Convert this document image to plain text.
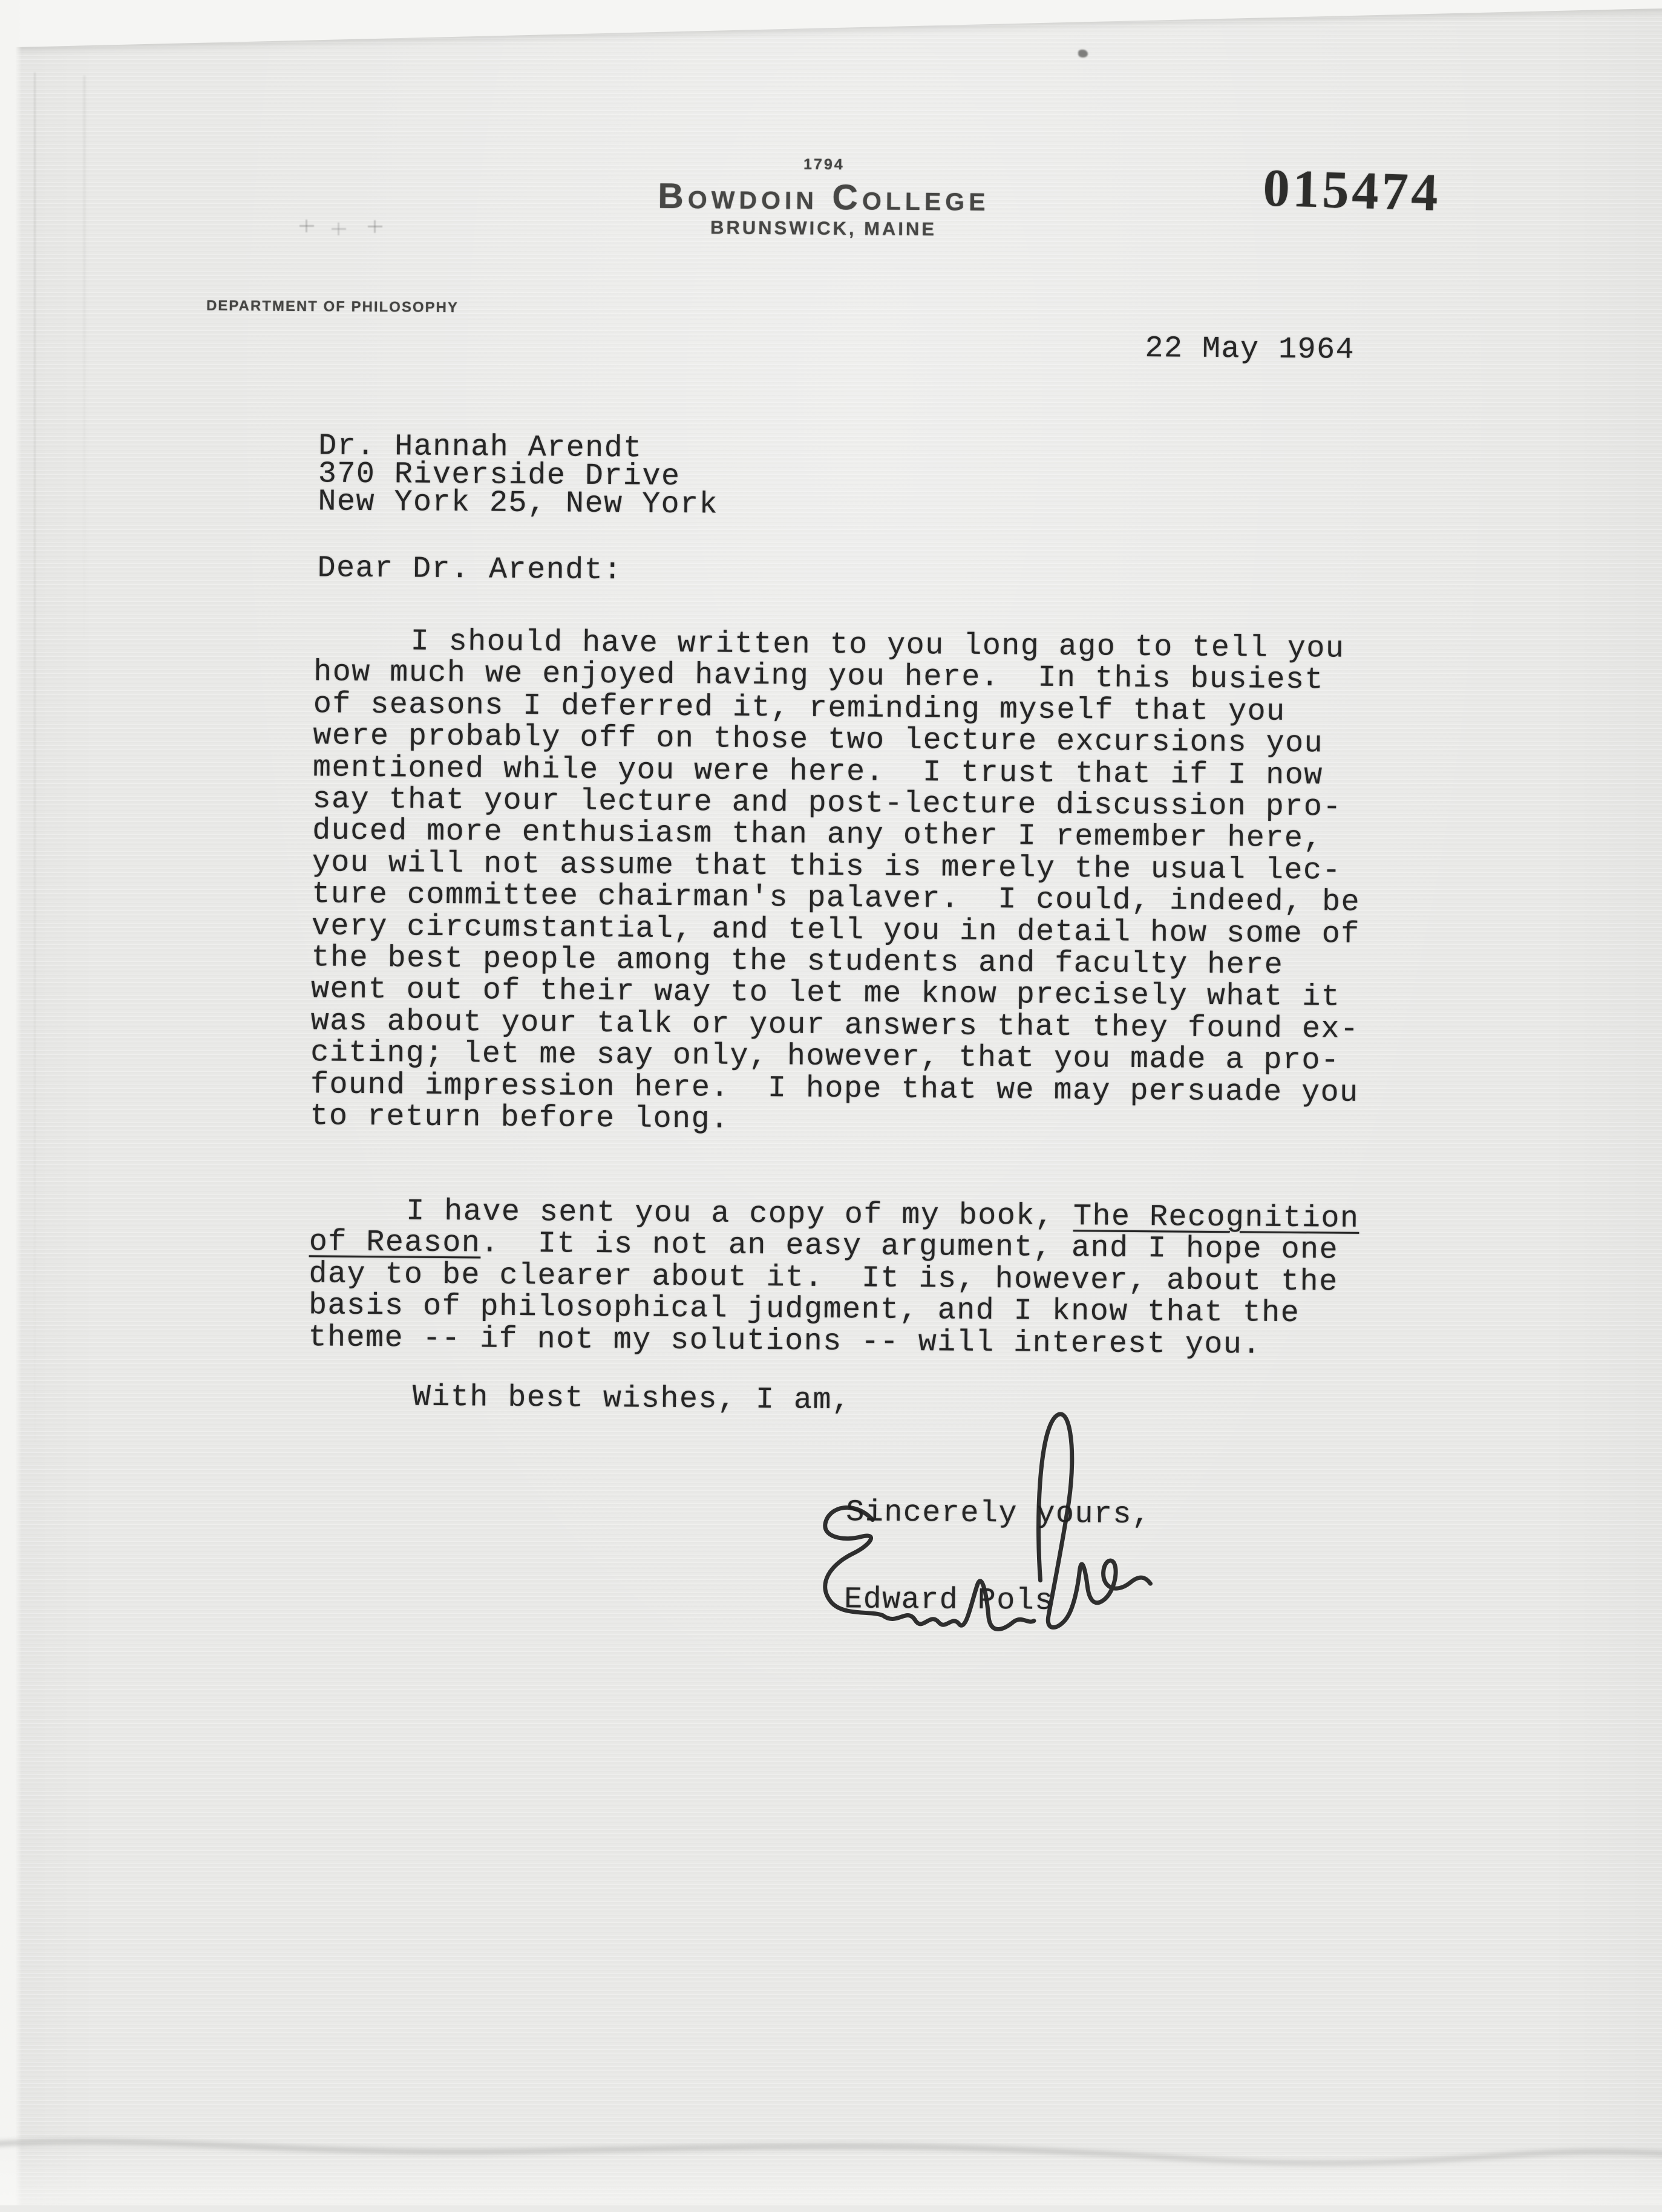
1794
Bowdoin College
BRUNSWICK, MAINE
DEPARTMENT OF PHILOSOPHY
015474
22 May 1964
Dr. Hannah Arendt
370 Riverside Drive
New York 25, New York
Dear Dr. Arendt:
I should have written to you long ago to tell you
how much we enjoyed having you here.  In this busiest
of seasons I deferred it, reminding myself that you
were probably off on those two lecture excursions you
mentioned while you were here.  I trust that if I now
say that your lecture and post-lecture discussion pro-
duced more enthusiasm than any other I remember here,
you will not assume that this is merely the usual lec-
ture committee chairman's palaver.  I could, indeed, be
very circumstantial, and tell you in detail how some of
the best people among the students and faculty here
went out of their way to let me know precisely what it
was about your talk or your answers that they found ex-
citing; let me say only, however, that you made a pro-
found impression here.  I hope that we may persuade you
to return before long.
I have sent you a copy of my book, The Recognition
of Reason.  It is not an easy argument, and I hope one
day to be clearer about it.  It is, however, about the
basis of philosophical judgment, and I know that the
theme -- if not my solutions -- will interest you.
With best wishes, I am,
Sincerely yours,
Edward Pols
